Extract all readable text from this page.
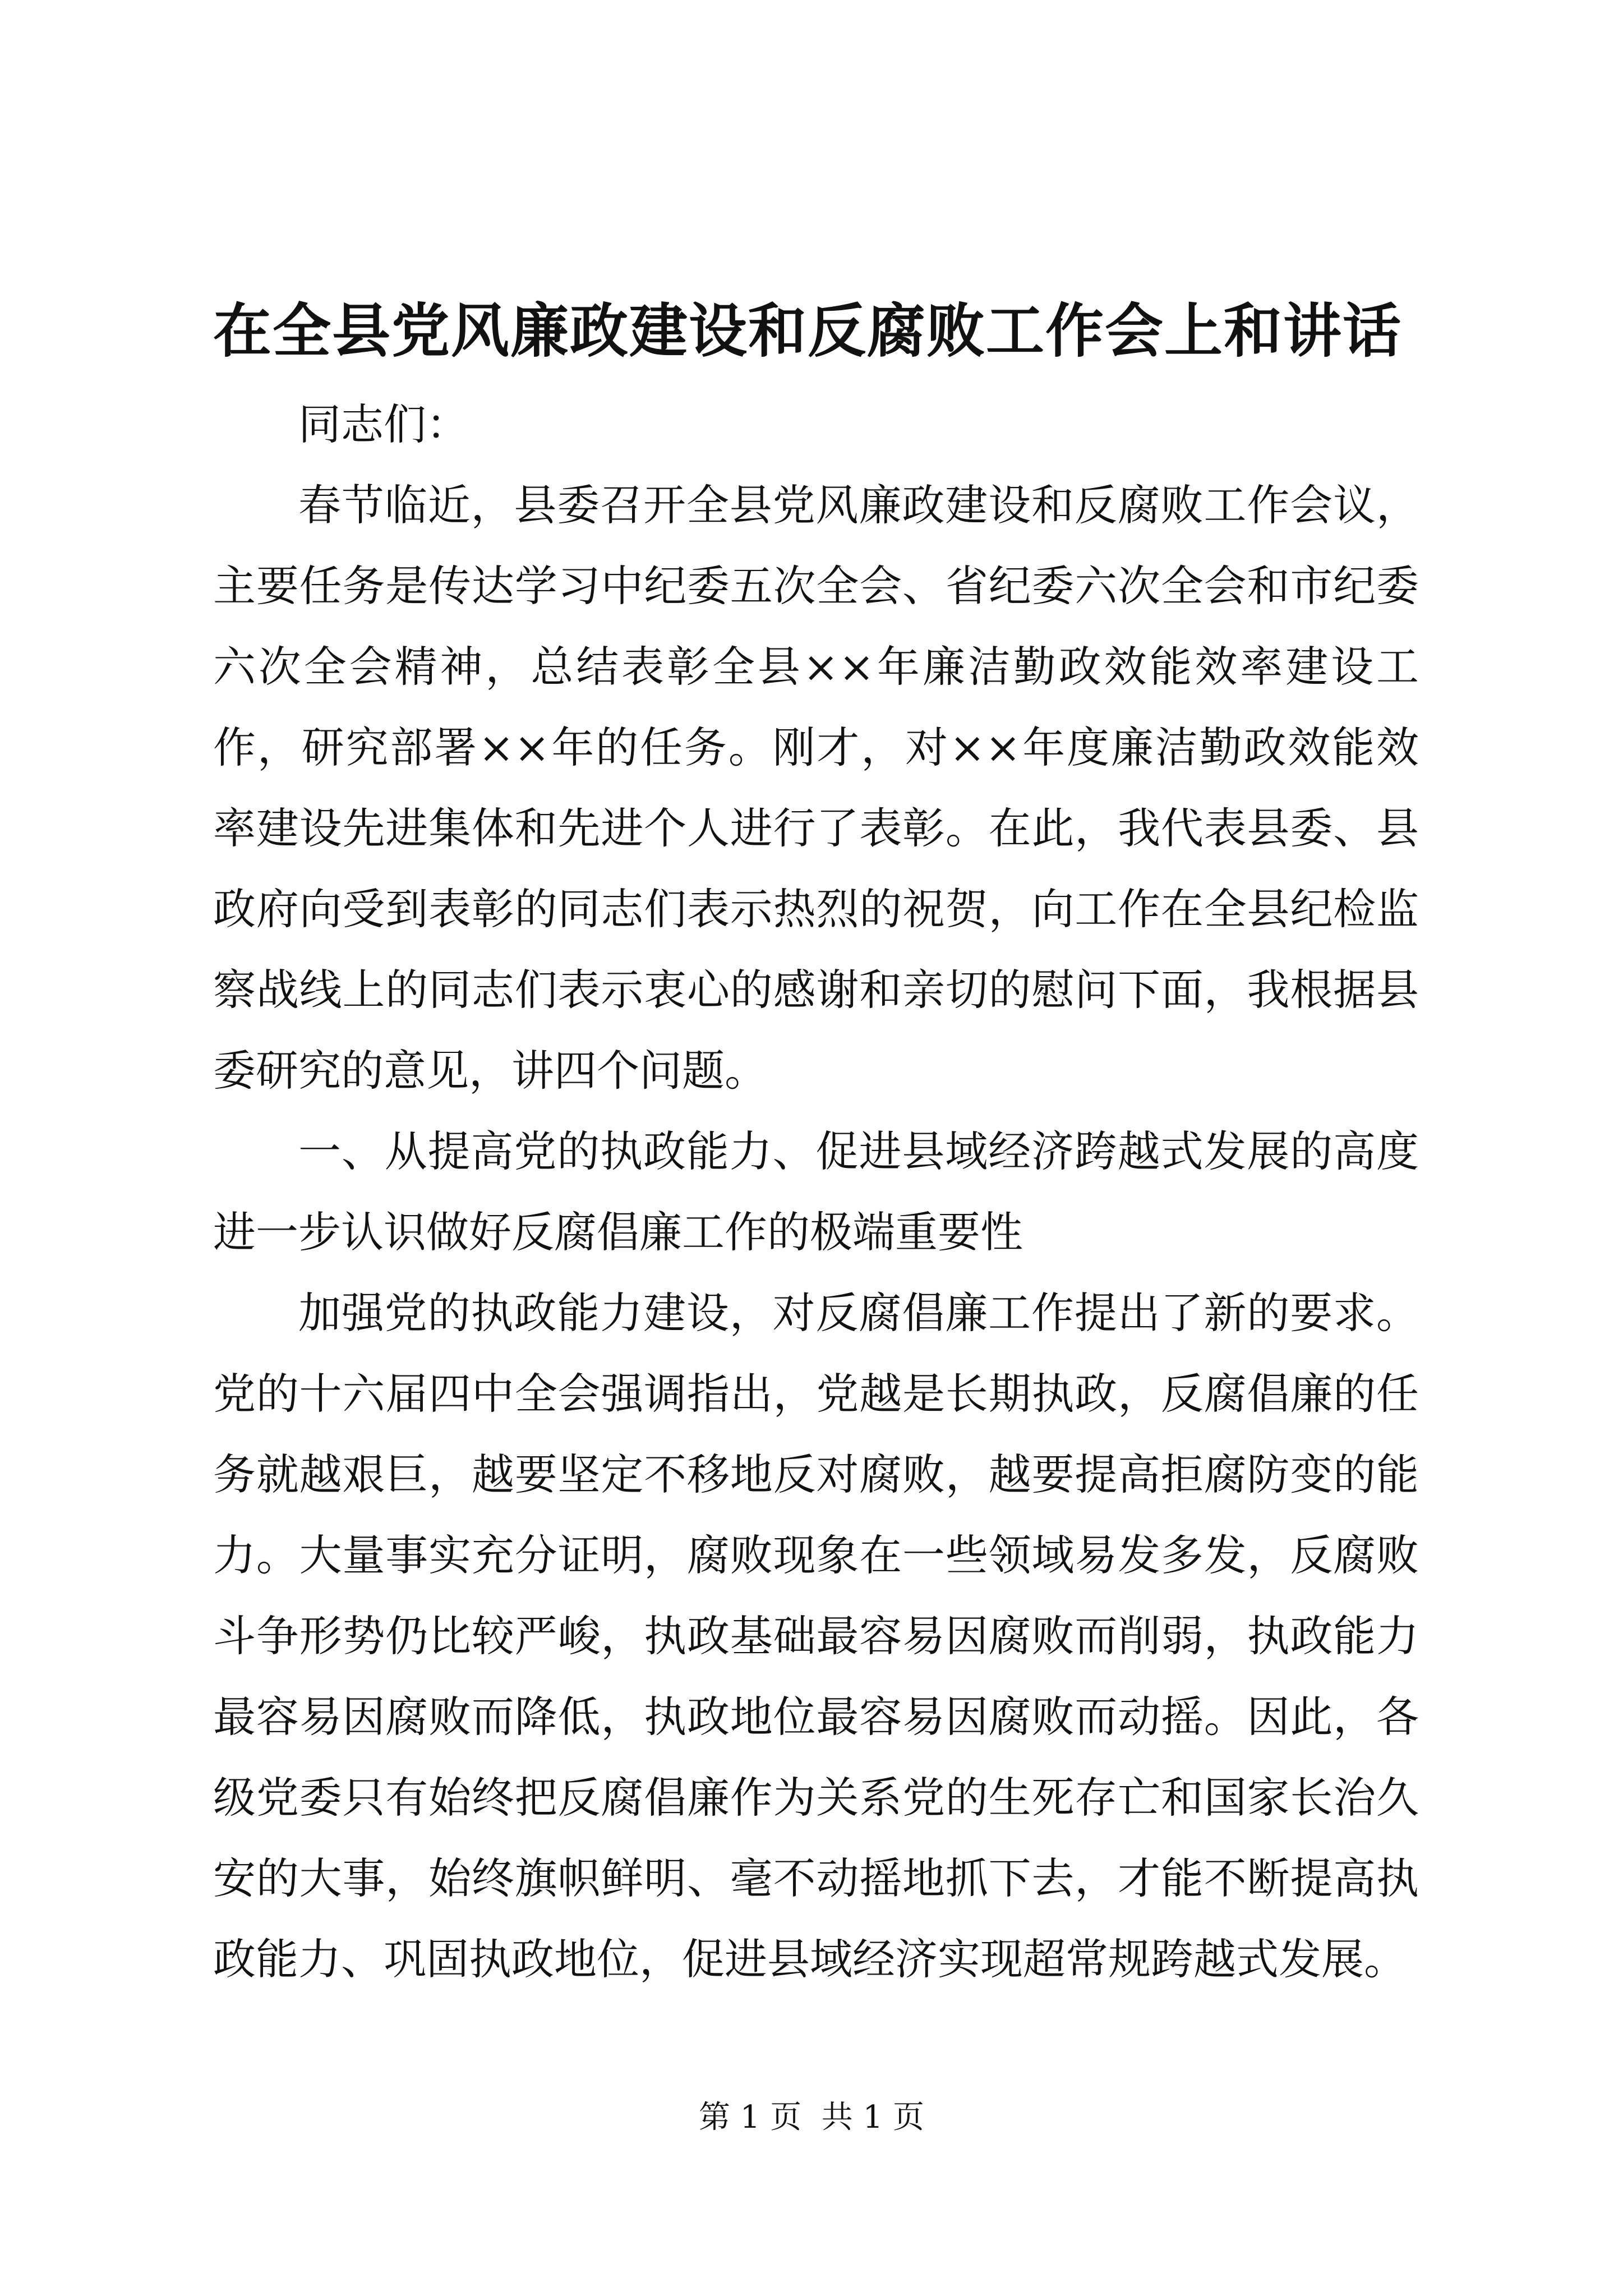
在全县党风廉政建设和反腐败工作会上和讲话

同志们：

春节临近，县委召开全县党风廉政建设和反腐败工作会议，主要任务是传达学习中纪委五次全会、省纪委六次全会和市纪委六次全会精神，总结表彰全县××年廉洁勤政效能效率建设工作，研究部署××年的任务。刚才，对××年度廉洁勤政效能效率建设先进集体和先进个人进行了表彰。在此，我代表县委、县政府向受到表彰的同志们表示热烈的祝贺，向工作在全县纪检监察战线上的同志们表示衷心的感谢和亲切的慰问下面，我根据县委研究的意见，讲四个问题。

一、从提高党的执政能力、促进县域经济跨越式发展的高度进一步认识做好反腐倡廉工作的极端重要性

加强党的执政能力建设，对反腐倡廉工作提出了新的要求。党的十六届四中全会强调指出，党越是长期执政，反腐倡廉的任务就越艰巨，越要坚定不移地反对腐败，越要提高拒腐防变的能力。大量事实充分证明，腐败现象在一些领域易发多发，反腐败斗争形势仍比较严峻，执政基础最容易因腐败而削弱，执政能力最容易因腐败而降低，执政地位最容易因腐败而动摇。因此，各级党委只有始终把反腐倡廉作为关系党的生死存亡和国家长治久安的大事，始终旗帜鲜明、毫不动摇地抓下去，才能不断提高执政能力、巩固执政地位，促进县域经济实现超常规跨越式发展。

第 1 页  共 1 页
